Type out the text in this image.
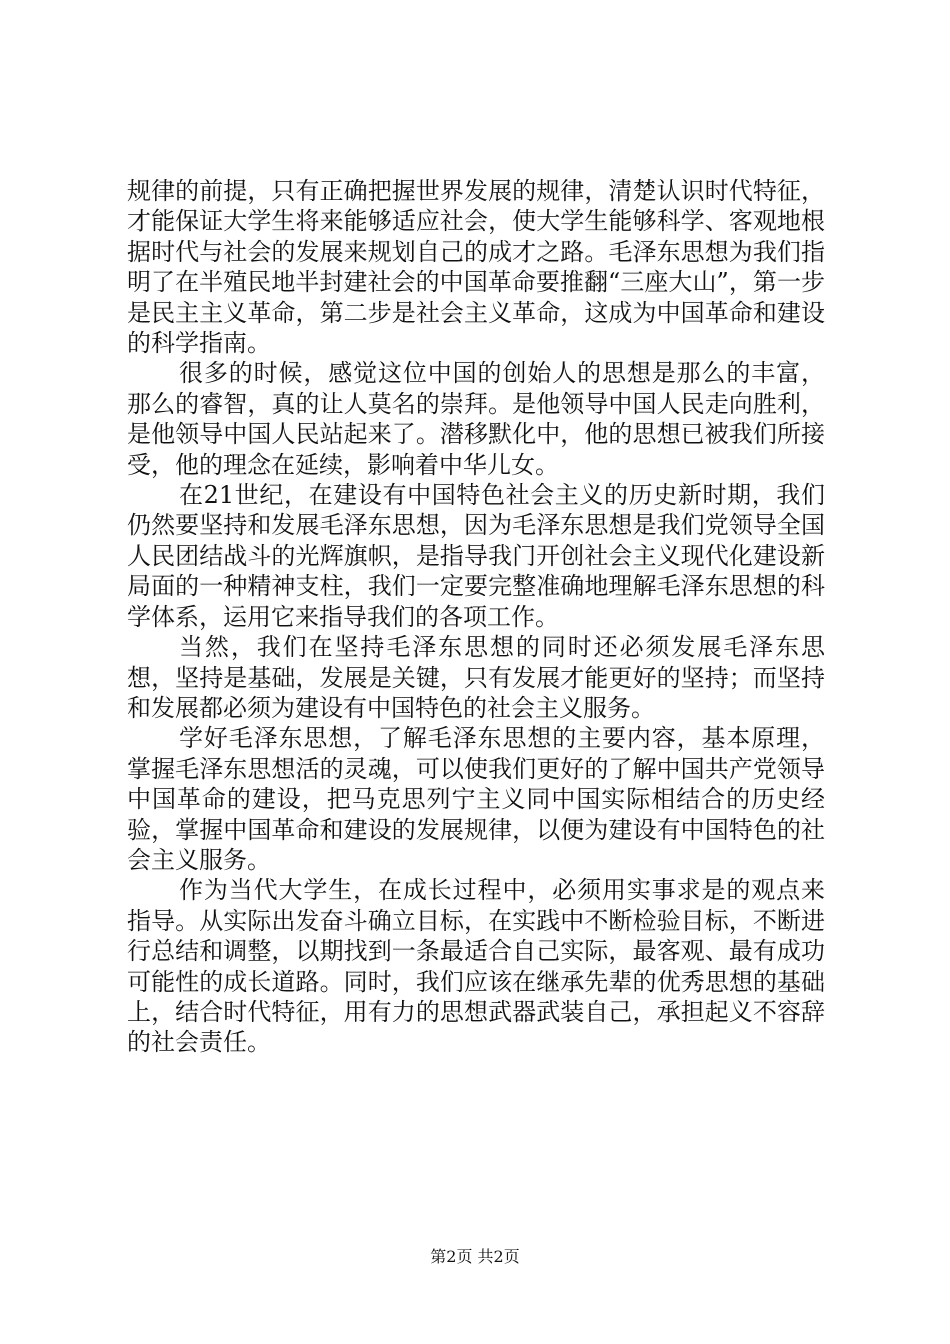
规律的前提，只有正确把握世界发展的规律，清楚认识时代特征，才能保证大学生将来能够适应社会，使大学生能够科学、客观地根据时代与社会的发展来规划自己的成才之路。毛泽东思想为我们指明了在半殖民地半封建社会的中国革命要推翻“三座大山”，第一步是民主主义革命，第二步是社会主义革命，这成为中国革命和建设的科学指南。

很多的时候，感觉这位中国的创始人的思想是那么的丰富，那么的睿智，真的让人莫名的崇拜。是他领导中国人民走向胜利，是他领导中国人民站起来了。潜移默化中，他的思想已被我们所接受，他的理念在延续，影响着中华儿女。

在21世纪，在建设有中国特色社会主义的历史新时期，我们仍然要坚持和发展毛泽东思想，因为毛泽东思想是我们党领导全国人民团结战斗的光辉旗帜，是指导我门开创社会主义现代化建设新局面的一种精神支柱，我们一定要完整准确地理解毛泽东思想的科学体系，运用它来指导我们的各项工作。

当然，我们在坚持毛泽东思想的同时还必须发展毛泽东思想，坚持是基础，发展是关键，只有发展才能更好的坚持；而坚持和发展都必须为建设有中国特色的社会主义服务。

学好毛泽东思想，了解毛泽东思想的主要内容，基本原理，掌握毛泽东思想活的灵魂，可以使我们更好的了解中国共产党领导中国革命的建设，把马克思列宁主义同中国实际相结合的历史经验，掌握中国革命和建设的发展规律，以便为建设有中国特色的社会主义服务。

作为当代大学生，在成长过程中，必须用实事求是的观点来指导。从实际出发奋斗确立目标，在实践中不断检验目标，不断进行总结和调整，以期找到一条最适合自己实际，最客观、最有成功可能性的成长道路。同时，我们应该在继承先辈的优秀思想的基础上，结合时代特征，用有力的思想武器武装自己，承担起义不容辞的社会责任。

第2页 共2页
